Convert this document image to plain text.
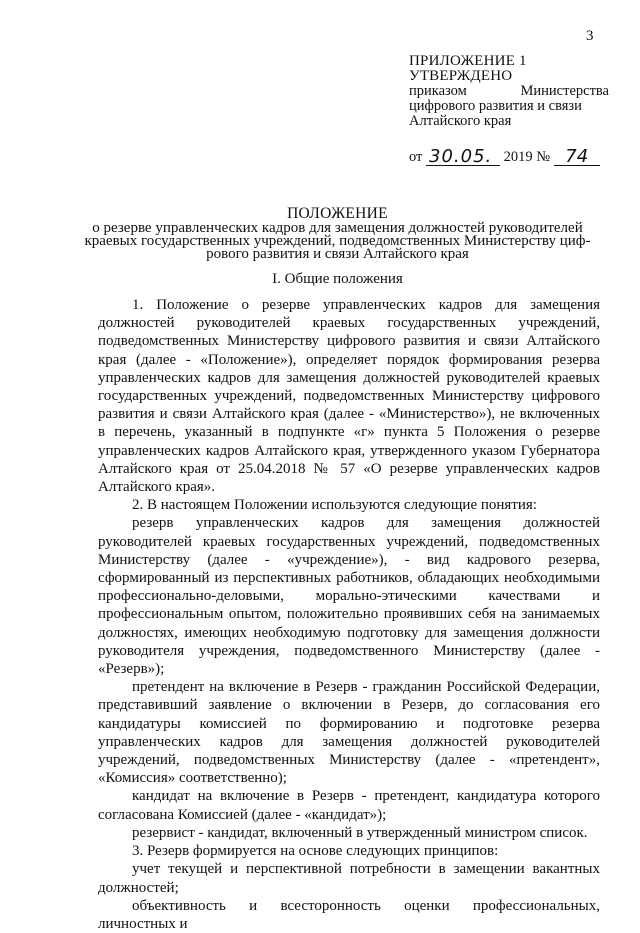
3
ПРИЛОЖЕНИЕ 1
УТВЕРЖДЕНО
приказом	Министерства
цифрового развития и связи
Алтайского края
от 30.05. 2019 № 74
ПОЛОЖЕНИЕ
о резерве управленческих кадров для замещения должностей руководителей
краевых государственных учреждений, подведомственных Министерству циф-
рового развития и связи Алтайского края
I. Общие положения

1. Положение о резерве управленческих кадров для замещения должностей руководителей краевых государственных учреждений, подведомственных Министерству цифрового развития и связи Алтайского края (далее - «Положение»), определяет порядок формирования резерва управленческих кадров для замещения должностей руководителей краевых государственных учреждений, подведомственных Министерству цифрового развития и связи Алтайского края (далее - «Министерство»), не включенных в перечень, указанный в подпункте «г» пункта 5 Положения о резерве управленческих кадров Алтайского края, утвержденного указом Губернатора Алтайского края от 25.04.2018 № 57 «О резерве управленческих кадров Алтайского края».

2. В настоящем Положении используются следующие понятия:

резерв управленческих кадров для замещения должностей руководителей краевых государственных учреждений, подведомственных Министерству (далее - «учреждение»), - вид кадрового резерва, сформированный из перспективных работников, обладающих необходимыми профессионально-деловыми, морально-этическими качествами и профессиональным опытом, положительно проявивших себя на занимаемых должностях, имеющих необходимую подготовку для замещения должности руководителя учреждения, подведомственного Министерству (далее - «Резерв»);

претендент на включение в Резерв - гражданин Российской Федерации, представивший заявление о включении в Резерв, до согласования его кандидатуры комиссией по формированию и подготовке резерва управленческих кадров для замещения должностей руководителей учреждений, подведомственных Министерству (далее - «претендент», «Комиссия» соответственно);

кандидат на включение в Резерв - претендент, кандидатура которого согласована Комиссией (далее - «кандидат»);

резервист - кандидат, включенный в утвержденный министром список.

3. Резерв формируется на основе следующих принципов:

учет текущей и перспективной потребности в замещении вакантных должностей;

объективность и всесторонность оценки профессиональных, личностных и
